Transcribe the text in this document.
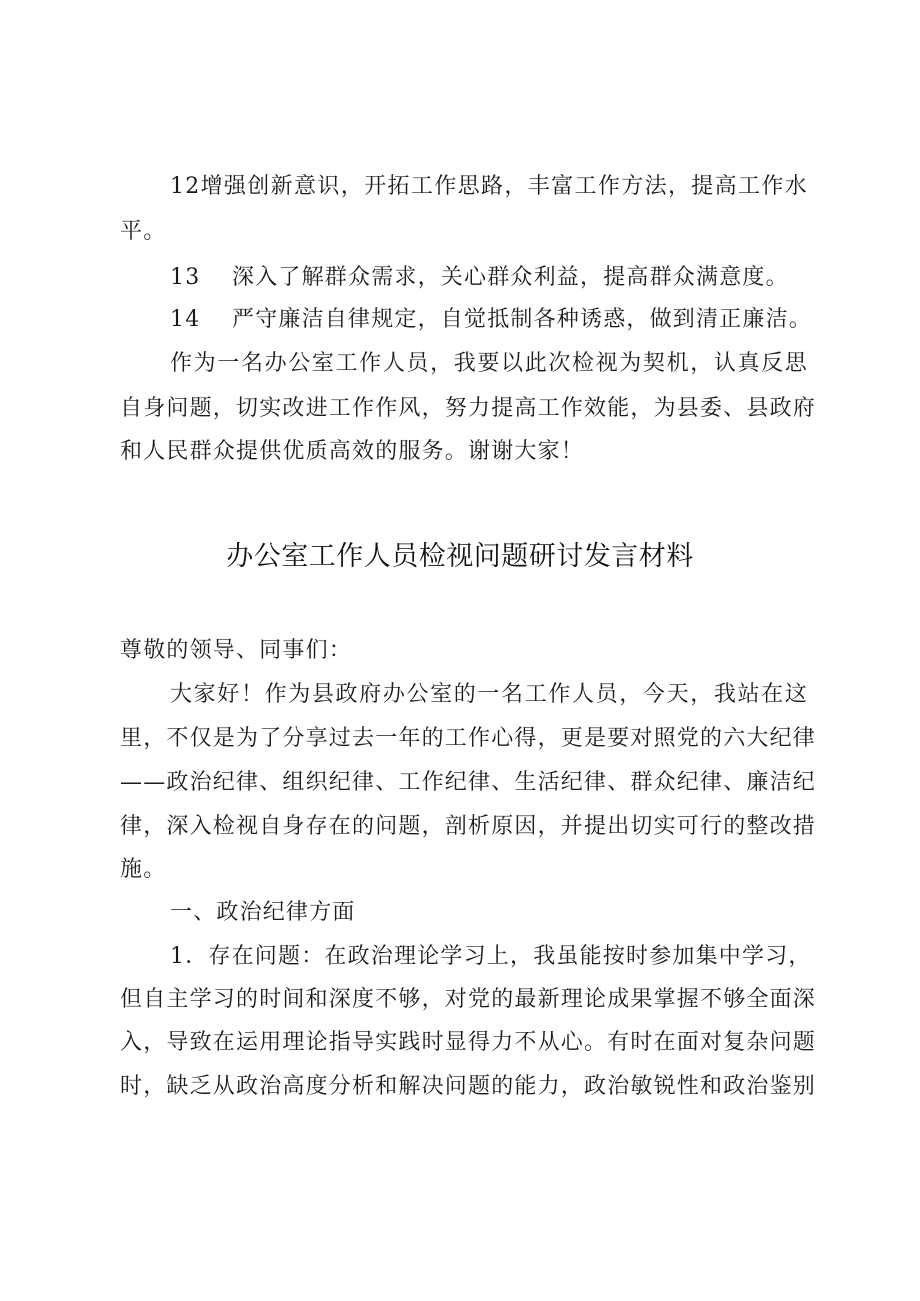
12增强创新意识，开拓工作思路，丰富工作方法，提高工作水
平。
13 深入了解群众需求，关心群众利益，提高群众满意度。
14 严守廉洁自律规定，自觉抵制各种诱惑，做到清正廉洁。
作为一名办公室工作人员，我要以此次检视为契机，认真反思
自身问题，切实改进工作作风，努力提高工作效能，为县委、县政府
和人民群众提供优质高效的服务。谢谢大家！
办公室工作人员检视问题研讨发言材料
尊敬的领导、同事们：
大家好！作为县政府办公室的一名工作人员，今天，我站在这
里，不仅是为了分享过去一年的工作心得，更是要对照党的六大纪律
——政治纪律、组织纪律、工作纪律、生活纪律、群众纪律、廉洁纪
律，深入检视自身存在的问题，剖析原因，并提出切实可行的整改措
施。
一、政治纪律方面
1．存在问题：在政治理论学习上，我虽能按时参加集中学习，
但自主学习的时间和深度不够，对党的最新理论成果掌握不够全面深
入，导致在运用理论指导实践时显得力不从心。有时在面对复杂问题
时，缺乏从政治高度分析和解决问题的能力，政治敏锐性和政治鉴别
